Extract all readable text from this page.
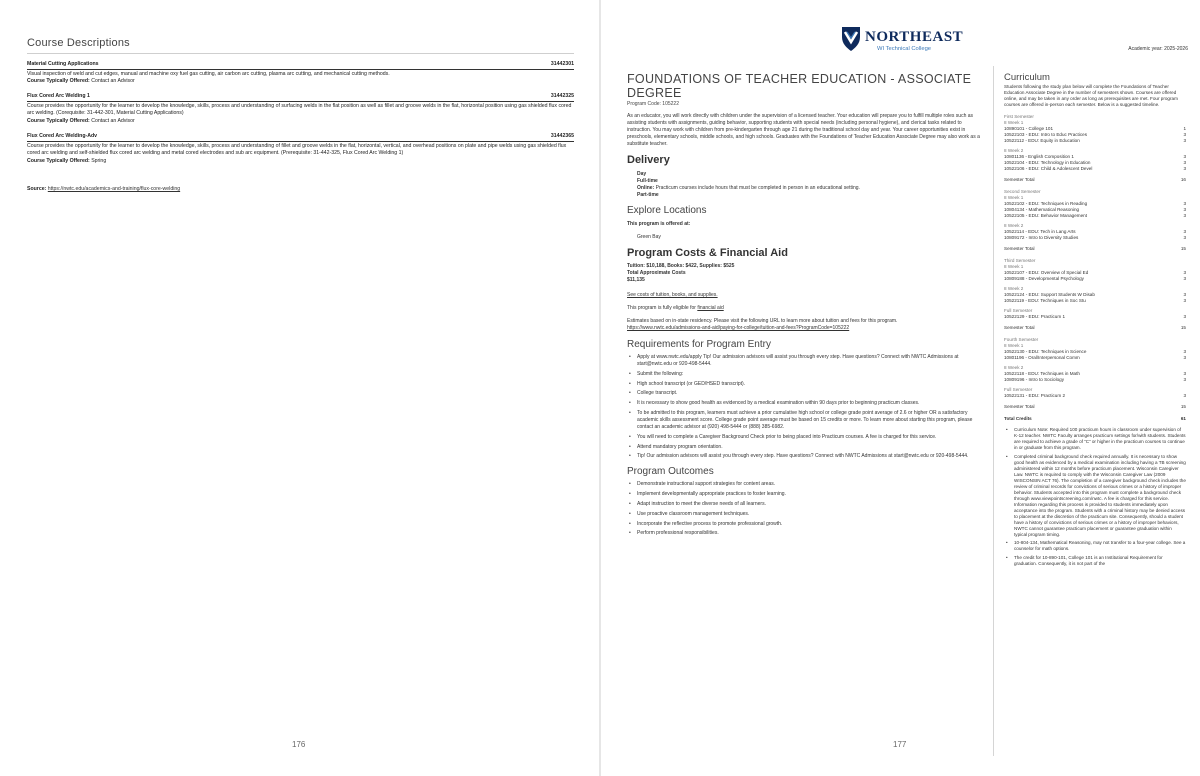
Course Descriptions
Material Cutting Applications	31442301
Visual inspection of weld and cut edges, manual and machine oxy fuel gas cutting, air carbon arc cutting, plasma arc cutting, and mechanical cutting methods.
Course Typically Offered: Contact an Advisor
Flux Cored Arc Welding 1	31442325
Course provides the opportunity for the learner to develop the knowledge, skills, process and understanding of surfacing welds in the flat position as well as fillet and groove welds in the flat, horizontal position using gas shielded flux cored arc welding. (Corequisite: 31-442-301, Material Cutting Applications)
Course Typically Offered: Contact an Advisor
Flux Cored Arc Welding-Adv	31442365
Course provides the opportunity for the learner to develop the knowledge, skills, process and understanding of fillet and groove welds in the flat, horizontal, vertical, and overhead positions on plate and pipe welds using gas shielded flux cored arc welding and self-shielded flux cored arc welding and metal cored electrodes and sub arc equipment. (Prerequisite: 31-442-325, Flux Cored Arc Welding 1)
Course Typically Offered: Spring
Source: https://nwtc.edu/academics-and-training/flux-core-welding
176
NORTHEAST
WI Technical College	Academic year: 2025-2026
FOUNDATIONS OF TEACHER EDUCATION - ASSOCIATE DEGREE
Program Code: 105222
As an educator, you will work directly with children under the supervision of a licensed teacher. Your education will prepare you to fulfill multiple roles such as assisting students with assignments, guiding behavior, supporting students with special needs (including personal hygiene), and clerical tasks related to instruction. You may work with children from pre-kindergarten through age 21 during the traditional school day and year. Your career opportunities exist in preschools, elementary schools, middle schools, and high schools. Graduates with the Foundations of Teacher Education Associate Degree may also work as a substitute teacher.
Delivery
Day
Full-time
Online: Practicum courses include hours that must be completed in person in an educational setting.
Part-time
Explore Locations
This program is offered at:
Green Bay
Program Costs & Financial Aid
Tuition: $10,188, Books: $422, Supplies: $525
Total Approximate Costs
$11,135
See costs of tuition, books, and supplies.
This program is fully eligible for financial aid
Estimates based on in-state residency. Please visit the following URL to learn more about tuition and fees for this program.
https://www.nwtc.edu/admissions-and-aid/paying-for-college/tuition-and-fees?ProgramCode=105222
Requirements for Program Entry
• Apply at www.nwtc.edu/apply Tip! Our admission advisors will assist you through every step. Have questions? Connect with NWTC Admissions at start@nwtc.edu or 920-498-5444.
• Submit the following:
• High school transcript (or GED/HSED transcript).
• College transcript.
• It is necessary to show good health as evidenced by a medical examination within 90 days prior to beginning practicum classes.
• To be admitted to this program, learners must achieve a prior cumulative high school or college grade point average of 2.6 or higher OR a satisfactory academic skills assessment score. College grade point average must be based on 15 credits or more. To learn more about starting this program, please contact an academic advisor at (920) 498-5444 or (888) 385-6982.
• You will need to complete a Caregiver Background Check prior to being placed into Practicum courses. A fee is charged for this service.
• Attend mandatory program orientation.
• Tip! Our admission advisors will assist you through every step. Have questions? Connect with NWTC Admissions at start@nwtc.edu or 920-498-5444.
Program Outcomes
• Demonstrate instructional support strategies for content areas.
• Implement developmentally appropriate practices to foster learning.
• Adapt instruction to meet the diverse needs of all learners.
• Use proactive classroom management techniques.
• Incorporate the reflective process to promote professional growth.
• Perform professional responsibilities.
Curriculum
Students following the study plan below will complete the Foundations of Teacher Education Associate Degree in the number of semesters shown. Courses are offered online, and may be taken in any order as long as prerequisites are met. Four program courses are offered in-person each semester. Below is a suggested timeline.
First Semester
8 Week 1
10890101 - College 101	1
10522103 - EDU: Intro to Educ Practices	3
10522112 - EDU: Equity in Education	3
8 Week 2
10801136 - English Composition 1	3
10522104 - EDU: Technology in Education	3
10522106 - EDU: Child & Adolescent Devel	3
Semester Total	16
Second Semester
8 Week 1
10522102 - EDU: Techniques in Reading	3
10804134 - Mathematical Reasoning	3
10522105 - EDU: Behavior Management	3
8 Week 2
10522114 - EDU: Tech in Lang Arts	3
10809172 - Intro to Diversity Studies	3
Semester Total	15
Third Semester
8 Week 1
10522107 - EDU: Overview of Special Ed	3
10809188 - Developmental Psychology	3
8 Week 2
10522124 - EDU: Support Students W Disab	3
10522119 - EDU: Techniques in Soc Stu	3
Full Semester
10522129 - EDU: Practicum 1	3
Semester Total	15
Fourth Semester
8 Week 1
10522130 - EDU: Techniques in Science	3
10801196 - Oral/Interpersonal Comm	3
8 Week 2
10522118 - EDU: Techniques in Math	3
10809196 - Intro to Sociology	3
Full Semester
10522131 - EDU: Practicum 2	3
Semester Total	15
Total Credits	61
• Curriculum Note: Required 100 practicum hours in classroom under supervision of K-12 teacher. NWTC Faculty arranges practicum settings for/with students. Students are required to achieve a grade of “C” or higher in the practicum courses to continue in or graduate from this program.
• Completed criminal background check required annually. It is necessary to show good health as evidenced by a medical examination including having a TB screening administered within 12 months before practicum placement. Wisconsin Caregiver Law. NWTC is required to comply with the Wisconsin Caregiver Law (2009 WISCONSIN ACT 76). The completion of a caregiver background check includes the review of criminal records for convictions of serious crimes or a history of improper behavior. Students accepted into this program must complete a background check through www.viewpointscreening.com/nwtc. A fee is charged for this service. Information regarding this process is provided to students immediately upon acceptance into the program. Students with a criminal history may be denied access to placement at the discretion of the practicum site. Consequently, should a student have a history of convictions of serious crimes or a history of improper behaviors, NWTC cannot guarantee practicum placement or guarantee graduation within typical program timing.
• 10-804-134, Mathematical Reasoning, may not transfer to a four-year college. See a counselor for math options.
• The credit for 10-890-101, College 101 is an Institutional Requirement for graduation. Consequently, it is not part of the
177
